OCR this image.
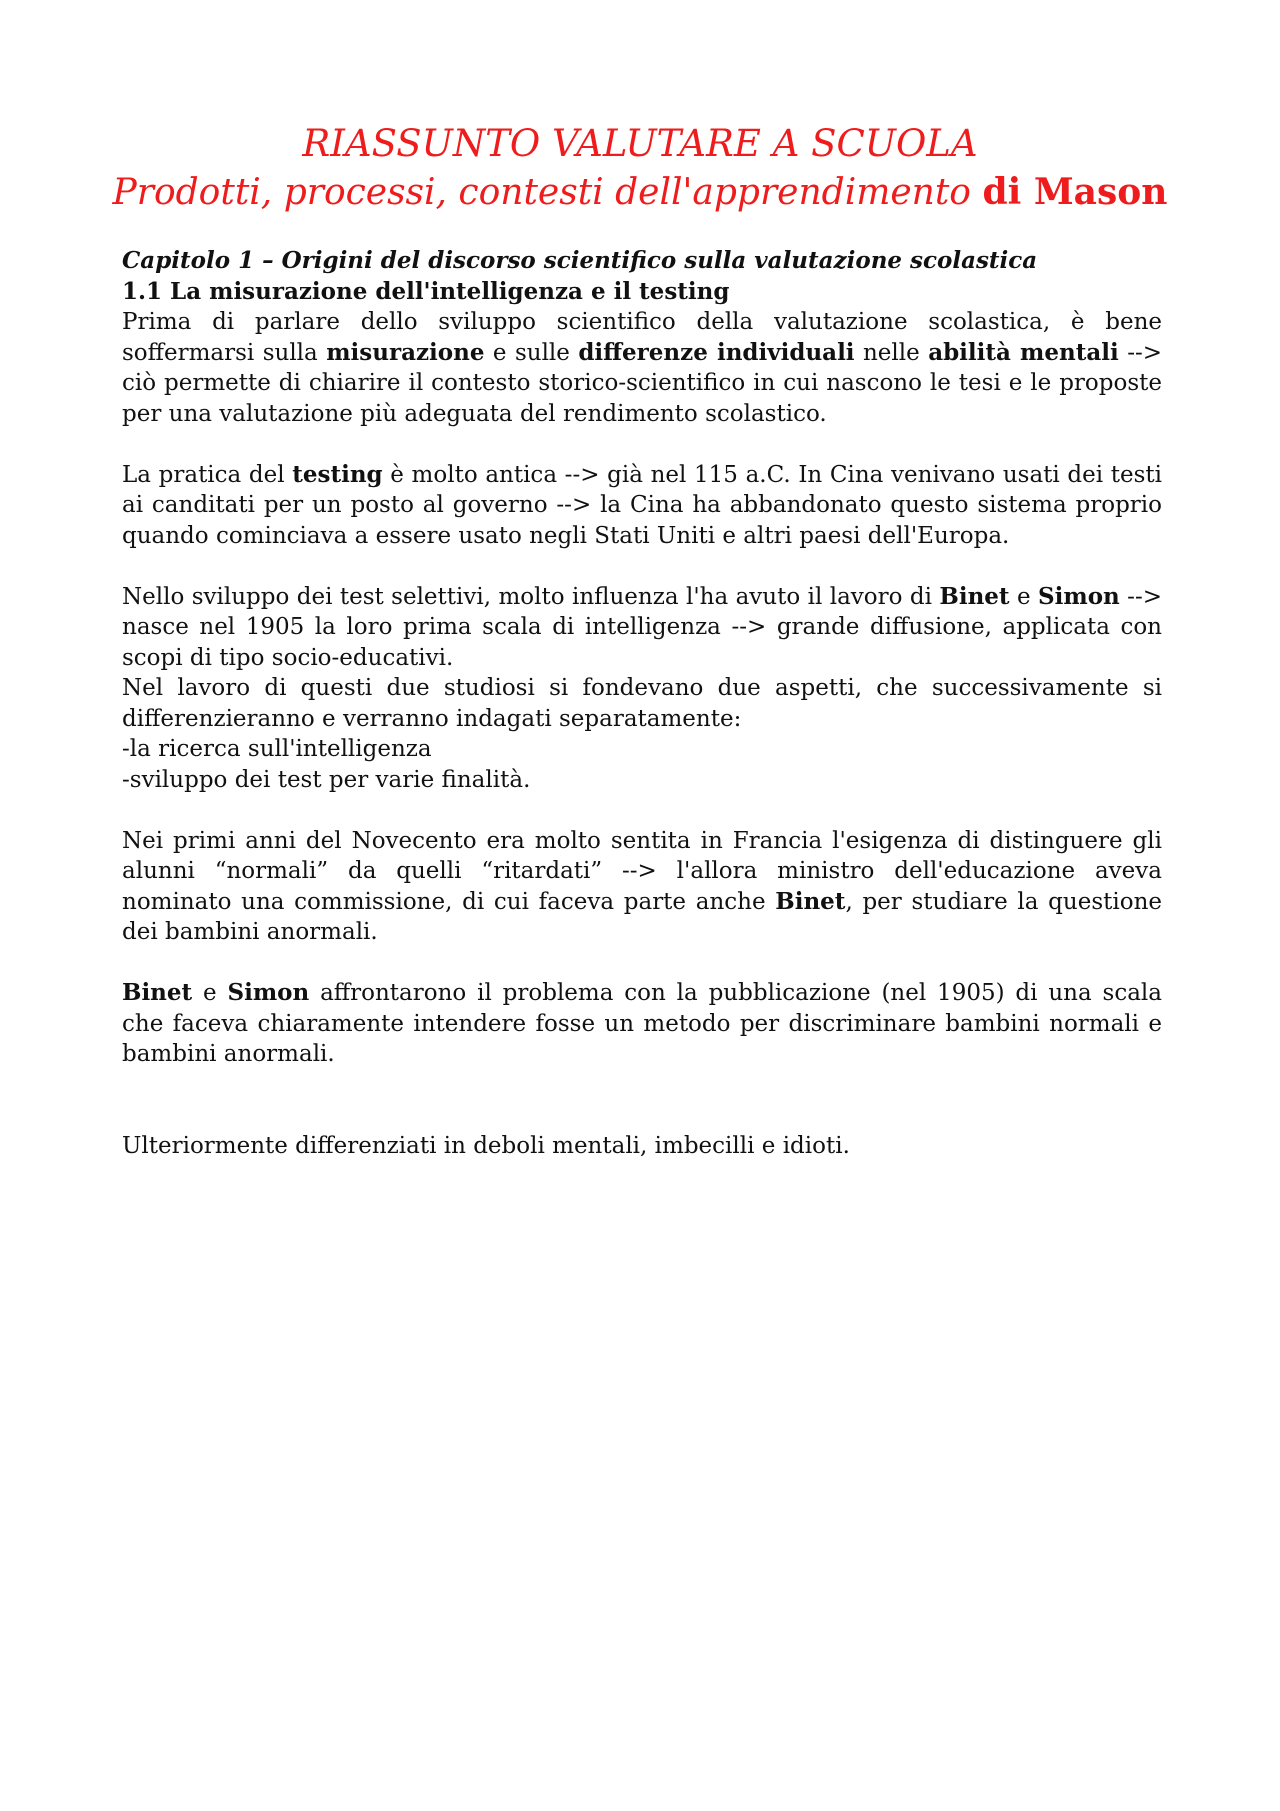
RIASSUNTO VALUTARE A SCUOLA
Prodotti, processi, contesti dell'apprendimento di Mason
Capitolo 1 – Origini del discorso scientifico sulla valutazione scolastica
1.1 La misurazione dell'intelligenza e il testing

Prima di parlare dello sviluppo scientifico della valutazione scolastica, è bene soffermarsi sulla misurazione e sulle differenze individuali nelle abilità mentali --> ciò permette di chiarire il contesto storico-scientifico in cui nascono le tesi e le proposte per una valutazione più adeguata del rendimento scolastico.

La pratica del testing è molto antica --> già nel 115 a.C. In Cina venivano usati dei testi ai canditati per un posto al governo --> la Cina ha abbandonato questo sistema proprio quando cominciava a essere usato negli Stati Uniti e altri paesi dell'Europa.

Nello sviluppo dei test selettivi, molto influenza l'ha avuto il lavoro di Binet e Simon --> nasce nel 1905 la loro prima scala di intelligenza --> grande diffusione, applicata con scopi di tipo socio-educativi.

Nel lavoro di questi due studiosi si fondevano due aspetti, che successivamente si differenzieranno e verranno indagati separatamente:

-la ricerca sull'intelligenza
-sviluppo dei test per varie finalità.

Nei primi anni del Novecento era molto sentita in Francia l'esigenza di distinguere gli alunni “normali” da quelli “ritardati” --> l'allora ministro dell'educazione aveva nominato una commissione, di cui faceva parte anche Binet, per studiare la questione dei bambini anormali.

Binet e Simon affrontarono il problema con la pubblicazione (nel 1905) di una scala che faceva chiaramente intendere fosse un metodo per discriminare bambini normali e bambini anormali.

Ulteriormente differenziati in deboli mentali, imbecilli e idioti.
